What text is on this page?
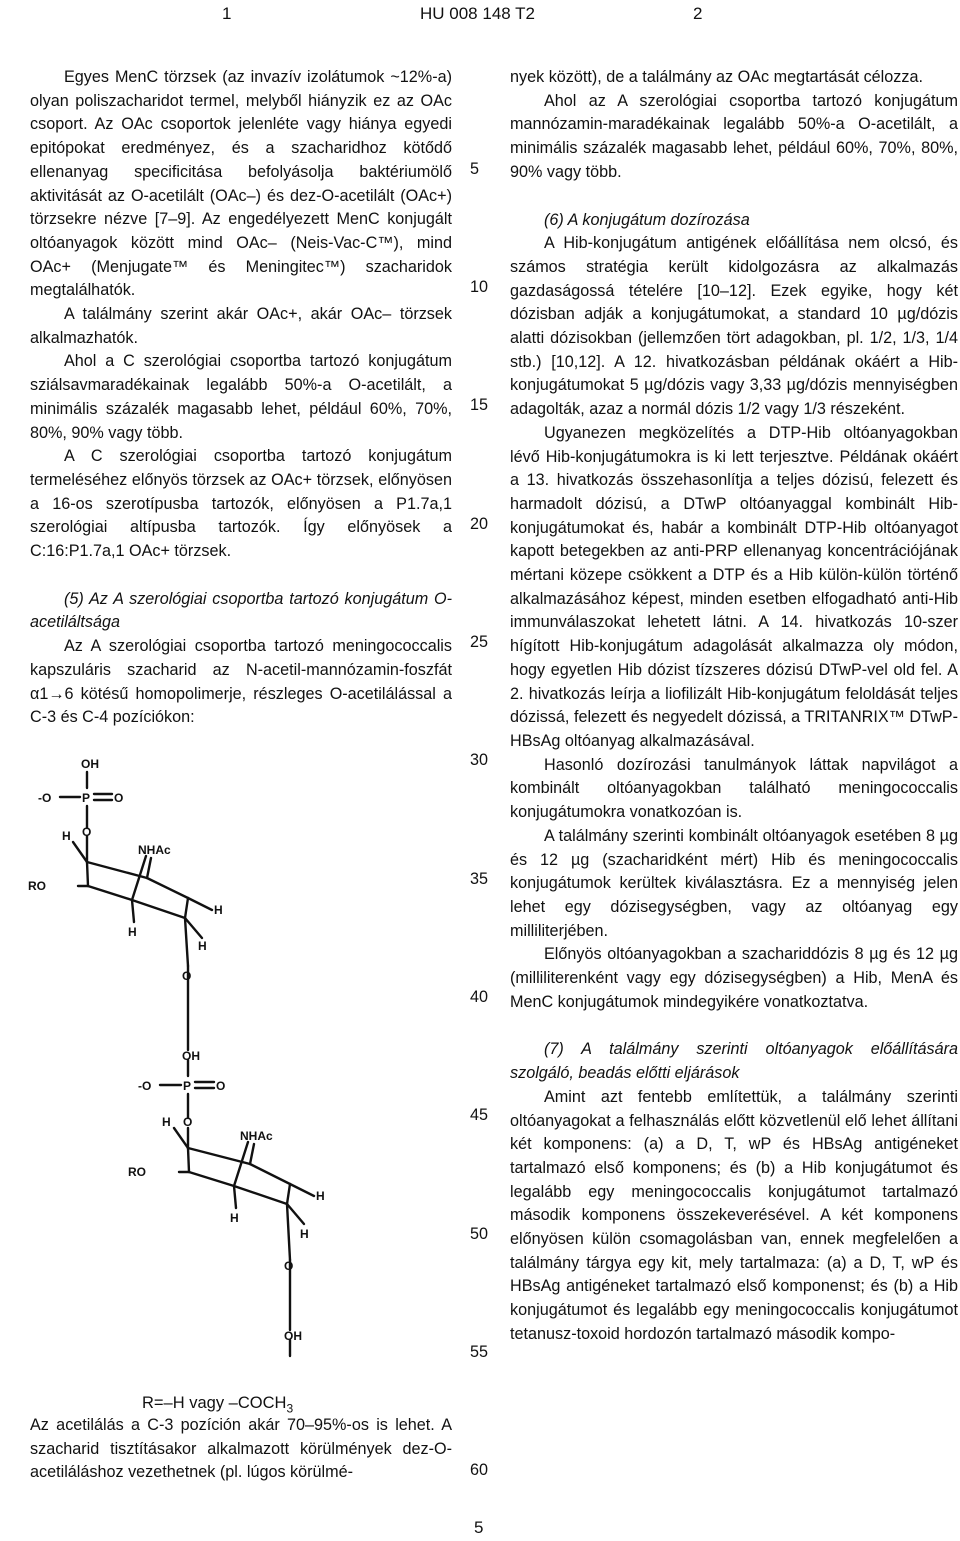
1	HU 008 148 T2	2

Egyes MenC törzsek (az invazív izolátumok ~12%-a) olyan poliszacharidot termel, melyből hiányzik ez az OAc csoport. Az OAc csoportok jelenléte vagy hiánya egyedi epitópokat eredményez, és a szacharidhoz kötődő ellenanyag specificitása befolyásolja baktériumölő aktivitását az O-acetilált (OAc–) és dez-O-acetilált (OAc+) törzsekre nézve [7–9]. Az engedélyezett MenC konjugált oltóanyagok között mind OAc– (Neis-Vac-C™), mind OAc+ (Menjugate™ és Meningitec™) szacharidok megtalálhatók.

A találmány szerint akár OAc+, akár OAc– törzsek alkalmazhatók.

Ahol a C szerológiai csoportba tartozó konjugátum sziálsavmaradékainak legalább 50%-a O-acetilált, a minimális százalék magasabb lehet, például 60%, 70%, 80%, 90% vagy több.

A C szerológiai csoportba tartozó konjugátum termeléséhez előnyös törzsek az OAc+ törzsek, előnyösen a 16-os szerotípusba tartozók, előnyösen a P1.7a,1 szerológiai altípusba tartozók. Így előnyösek a C:16:P1.7a,1 OAc+ törzsek.

(5) Az A szerológiai csoportba tartozó konjugátum O-acetiláltsága

Az A szerológiai csoportba tartozó meningococcalis kapszuláris szacharid az N-acetil-mannózamin-foszfát α1→6 kötésű homopolimerje, részleges O-acetilálással a C-3 és C-4 pozíciókon:

OH
-O	P O
O
H
NHAc
RO
H
H
H
O
OH
-O	P O
O
H
NHAc
RO
H
H
H
O
OH
R=–H vagy $-COCH_3$

Az acetilálás a C-3 pozíción akár 70–95%-os is lehet. A szacharid tisztításakor alkalmazott körülmények dez-O-acetiláláshoz vezethetnek (pl. lúgos körülmé-

5
10
15
20
25
30
35
40
45
50
55
60

nyek között), de a találmány az OAc megtartását célozza.

Ahol az A szerológiai csoportba tartozó konjugátum mannózamin-maradékainak legalább 50%-a O-acetilált, a minimális százalék magasabb lehet, például 60%, 70%, 80%, 90% vagy több.

(6) A konjugátum dozírozása

A Hib-konjugátum antigének előállítása nem olcsó, és számos stratégia került kidolgozásra az alkalmazás gazdaságossá tételére [10–12]. Ezek egyike, hogy két dózisban adják a konjugátumokat, a standard 10 µg/dózis alatti dózisokban (jellemzően tört adagokban, pl. 1/2, 1/3, 1/4 stb.) [10,12]. A 12. hivatkozásban példának okáért a Hib-konjugátumokat 5 µg/dózis vagy 3,33 µg/dózis mennyiségben adagolták, azaz a normál dózis 1/2 vagy 1/3 részeként.

Ugyanezen megközelítés a DTP-Hib oltóanyagokban lévő Hib-konjugátumokra is ki lett terjesztve. Példának okáért a 13. hivatkozás összehasonlítja a teljes dózisú, felezett és harmadolt dózisú, a DTwP oltóanyaggal kombinált Hib-konjugátumokat és, habár a kombinált DTP-Hib oltóanyagot kapott betegekben az anti-PRP ellenanyag koncentrációjának mértani közepe csökkent a DTP és a Hib külön-külön történő alkalmazásához képest, minden esetben elfogadható anti-Hib immunválaszokat lehetett látni. A 14. hivatkozás 10-szer hígított Hib-konjugátum adagolását alkalmazza oly módon, hogy egyetlen Hib dózist tízszeres dózisú DTwP-vel old fel. A 2. hivatkozás leírja a liofilizált Hib-konjugátum feloldását teljes dózissá, felezett és negyedelt dózissá, a TRITANRIX™ DTwP-HBsAg oltóanyag alkalmazásával.

Hasonló dozírozási tanulmányok láttak napvilágot a kombinált oltóanyagokban található meningococcalis konjugátumokra vonatkozóan is.

A találmány szerinti kombinált oltóanyagok esetében 8 µg és 12 µg (szacharidként mért) Hib és meningococcalis konjugátumok kerültek kiválasztásra. Ez a mennyiség jelen lehet egy dózisegységben, vagy az oltóanyag egy milliliterjében.

Előnyös oltóanyagokban a szachariddózis 8 µg és 12 µg (milliliterenként vagy egy dózisegységben) a Hib, MenA és MenC konjugátumok mindegyikére vonatkoztatva.

(7) A találmány szerinti oltóanyagok előállítására szolgáló, beadás előtti eljárások

Amint azt fentebb említettük, a találmány szerinti oltóanyagokat a felhasználás előtt közvetlenül elő lehet állítani két komponens: (a) a D, T, wP és HBsAg antigéneket tartalmazó első komponens; és (b) a Hib konjugátumot és legalább egy meningococcalis konjugátumot tartalmazó második komponens összekeverésével. A két komponens előnyösen külön csomagolásban van, ennek megfelelően a találmány tárgya egy kit, mely tartalmaza: (a) a D, T, wP és HBsAg antigéneket tartalmazó első komponenst; és (b) a Hib konjugátumot és legalább egy meningococcalis konjugátumot tetanusz-toxoid hordozón tartalmazó második kompo-

5
